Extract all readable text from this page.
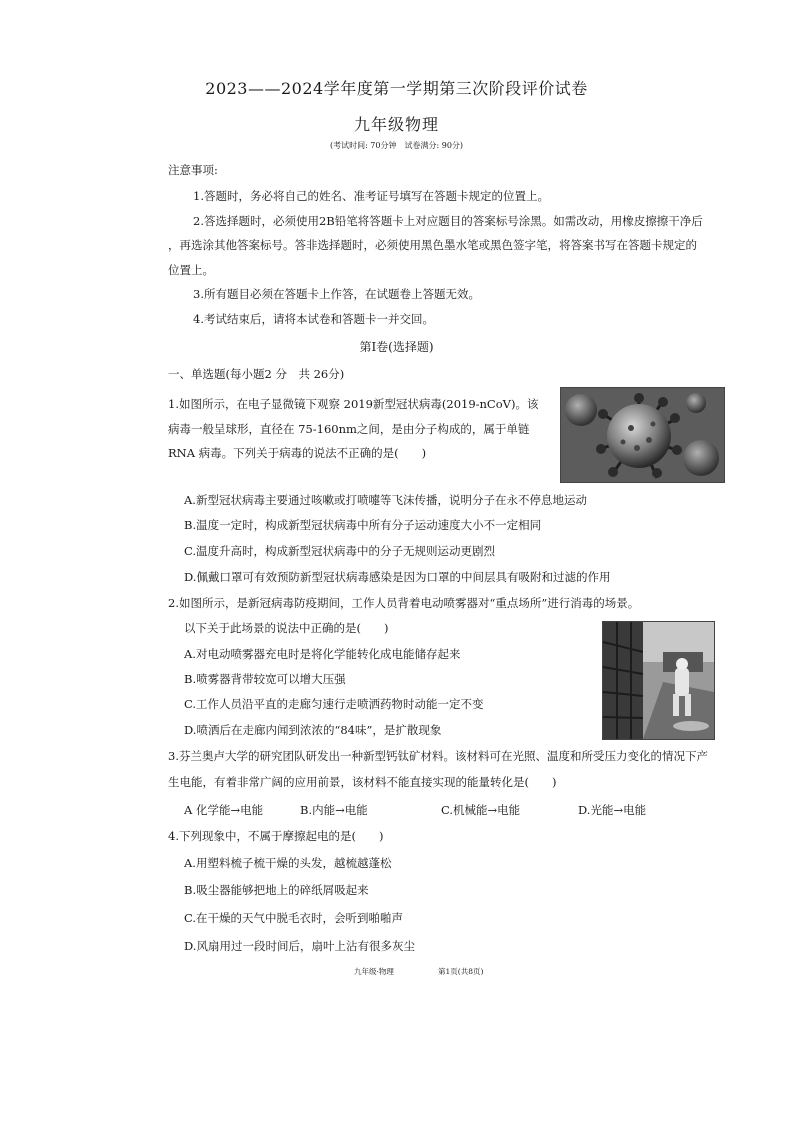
2023——2024学年度第一学期第三次阶段评价试卷
九年级物理
(考试时间: 70分钟　试卷满分: 90分)
注意事项:
1.答题时，务必将自己的姓名、准考证号填写在答题卡规定的位置上。
2.答选择题时，必须使用2B铅笔将答题卡上对应题目的答案标号涂黑。如需改动，用橡皮擦擦干净后
，再选涂其他答案标号。答非选择题时，必须使用黑色墨水笔或黑色签字笔，将答案书写在答题卡规定的
位置上。
3.所有题目必须在答题卡上作答，在试题卷上答题无效。
4.考试结束后，请将本试卷和答题卡一并交回。
第Ⅰ卷(选择题)
一、单选题(每小题2 分　共 26分)
1.如图所示，在电子显微镜下观察 2019新型冠状病毒(2019-nCoV)。该
病毒一般呈球形，直径在 75-160nm之间，是由分子构成的，属于单链
RNA 病毒。下列关于病毒的说法不正确的是(　　)
A.新型冠状病毒主要通过咳嗽或打喷嚏等飞沫传播，说明分子在永不停息地运动
B.温度一定时，构成新型冠状病毒中所有分子运动速度大小不一定相同
C.温度升高时，构成新型冠状病毒中的分子无规则运动更剧烈
D.佩戴口罩可有效预防新型冠状病毒感染是因为口罩的中间层具有吸附和过滤的作用
2.如图所示，是新冠病毒防疫期间，工作人员背着电动喷雾器对“重点场所”进行消毒的场景。
以下关于此场景的说法中正确的是(　　)
A.对电动喷雾器充电时是将化学能转化成电能储存起来
B.喷雾器背带较宽可以增大压强
C.工作人员沿平直的走廊匀速行走喷洒药物时动能一定不变
D.喷洒后在走廊内闻到浓浓的“84味”，是扩散现象
3.芬兰奥卢大学的研究团队研发出一种新型钙钛矿材料。该材料可在光照、温度和所受压力变化的情况下产
生电能，有着非常广阔的应用前景，该材料不能直接实现的能量转化是(　　)
A 化学能→电能	B.内能→电能	C.机械能→电能	D.光能→电能
4.下列现象中，不属于摩擦起电的是(　　)
A.用塑料梳子梳干燥的头发，越梳越蓬松
B.吸尘器能够把地上的碎纸屑吸起来
C.在干燥的天气中脱毛衣时，会听到啪啪声
D.风扇用过一段时间后，扇叶上沾有很多灰尘
九年级·物理	第1页(共8页)
